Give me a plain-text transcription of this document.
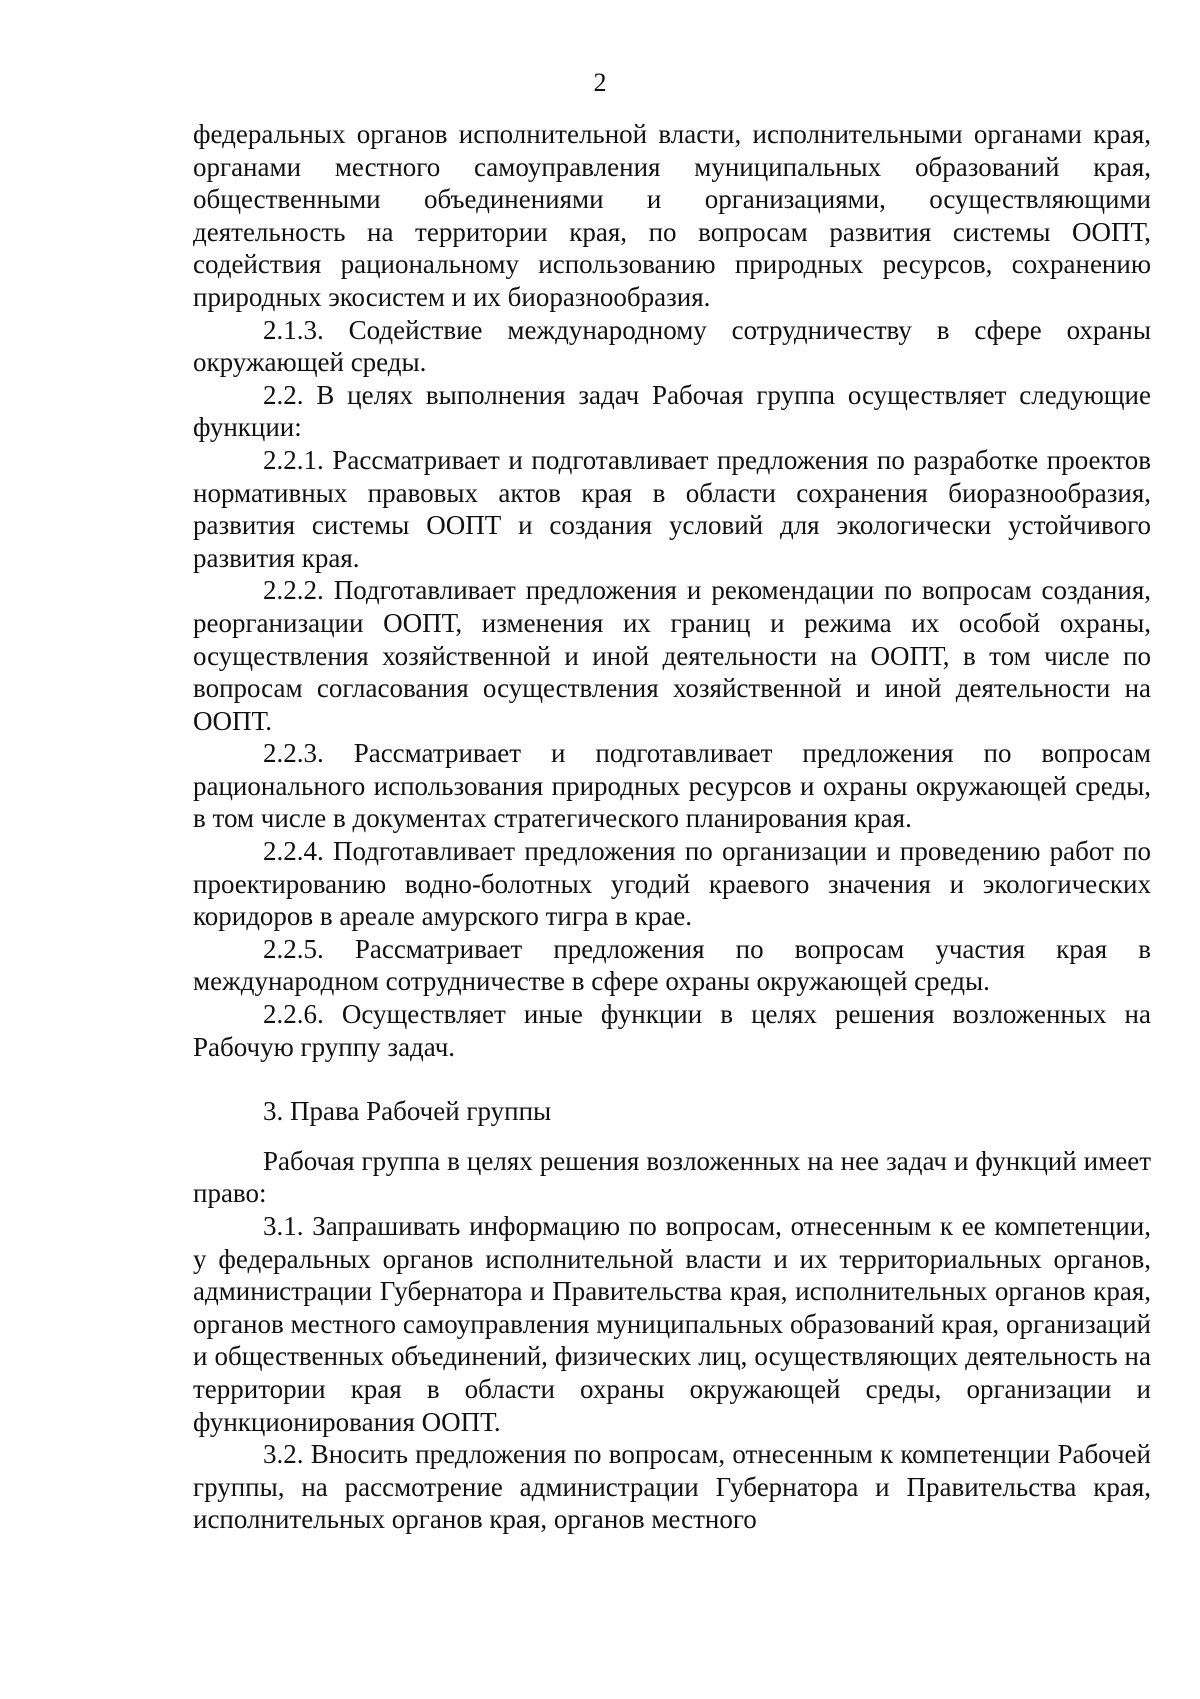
2

федеральных органов исполнительной власти, исполнительными органами края, органами местного самоуправления муниципальных образований края, общественными объединениями и организациями, осуществляющими деятельность на территории края, по вопросам развития системы ООПТ, содействия рациональному использованию природных ресурсов, сохранению природных экосистем и их биоразнообразия.

2.1.3. Содействие международному сотрудничеству в сфере охраны окружающей среды.

2.2. В целях выполнения задач Рабочая группа осуществляет следующие функции:

2.2.1. Рассматривает и подготавливает предложения по разработке проектов нормативных правовых актов края в области сохранения биоразнообразия, развития системы ООПТ и создания условий для экологически устойчивого развития края.

2.2.2. Подготавливает предложения и рекомендации по вопросам создания, реорганизации ООПТ, изменения их границ и режима их особой охраны, осуществления хозяйственной и иной деятельности на ООПТ, в том числе по вопросам согласования осуществления хозяйственной и иной деятельности на ООПТ.

2.2.3. Рассматривает и подготавливает предложения по вопросам рационального использования природных ресурсов и охраны окружающей среды, в том числе в документах стратегического планирования края.

2.2.4. Подготавливает предложения по организации и проведению работ по проектированию водно-болотных угодий краевого значения и экологических коридоров в ареале амурского тигра в крае.

2.2.5. Рассматривает предложения по вопросам участия края в международном сотрудничестве в сфере охраны окружающей среды.

2.2.6. Осуществляет иные функции в целях решения возложенных на Рабочую группу задач.

3. Права Рабочей группы

Рабочая группа в целях решения возложенных на нее задач и функций имеет право:

3.1. Запрашивать информацию по вопросам, отнесенным к ее компетенции, у федеральных органов исполнительной власти и их территориальных органов, администрации Губернатора и Правительства края, исполнительных органов края, органов местного самоуправления муниципальных образований края, организаций и общественных объединений, физических лиц, осуществляющих деятельность на территории края в области охраны окружающей среды, организации и функционирования ООПТ.

3.2. Вносить предложения по вопросам, отнесенным к компетенции Рабочей группы, на рассмотрение администрации Губернатора и Правительства края, исполнительных органов края, органов местного
